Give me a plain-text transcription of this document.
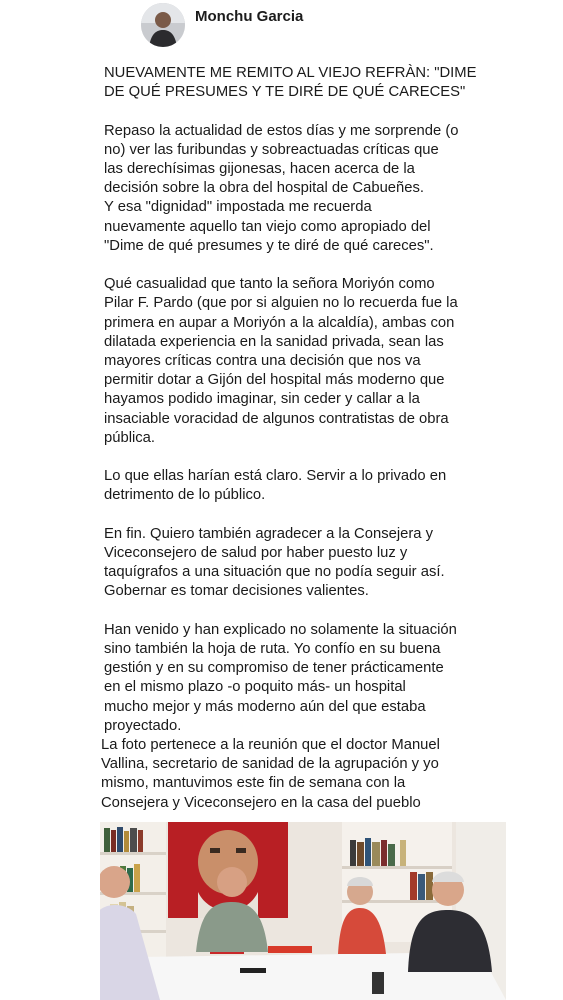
Monchu Garcia

NUEVAMENTE ME REMITO AL VIEJO REFRÀN: "DIME
DE QUÉ PRESUMES Y TE DIRÉ DE QUÉ CARECES"

Repaso la actualidad de estos días y me sorprende (o
no) ver las furibundas y sobreactuadas críticas que
las derechísimas gijonesas, hacen acerca de la
decisión sobre la obra del hospital de Cabueñes.
Y esa "dignidad" impostada me recuerda
nuevamente aquello tan viejo como apropiado del
"Dime de qué presumes y te diré de qué careces".

Qué casualidad que tanto la señora Moriyón como
Pilar F. Pardo (que por si alguien no lo recuerda fue la
primera en aupar a Moriyón a la alcaldía), ambas con
dilatada experiencia en la sanidad privada, sean las
mayores críticas contra una decisión que nos va
permitir dotar a Gijón del hospital más moderno que
hayamos podido imaginar, sin ceder y callar a la
insaciable voracidad de algunos contratistas de obra
pública.

Lo que ellas harían está claro. Servir a lo privado en
detrimento de lo público.

En fin. Quiero también agradecer a la Consejera y
Viceconsejero de salud por haber puesto luz y
taquígrafos a una situación que no podía seguir así.
Gobernar es tomar decisiones valientes.

Han venido y han explicado no solamente la situación
sino también la hoja de ruta. Yo confío en su buena
gestión y en su compromiso de tener prácticamente
en el mismo plazo -o poquito más- un hospital
mucho mejor y más moderno aún del que estaba
proyectado.

La foto pertenece a la reunión que el doctor Manuel
Vallina, secretario de sanidad de la agrupación y yo
mismo, mantuvimos este fin de semana con la
Consejera y Viceconsejero en la casa del pueblo
